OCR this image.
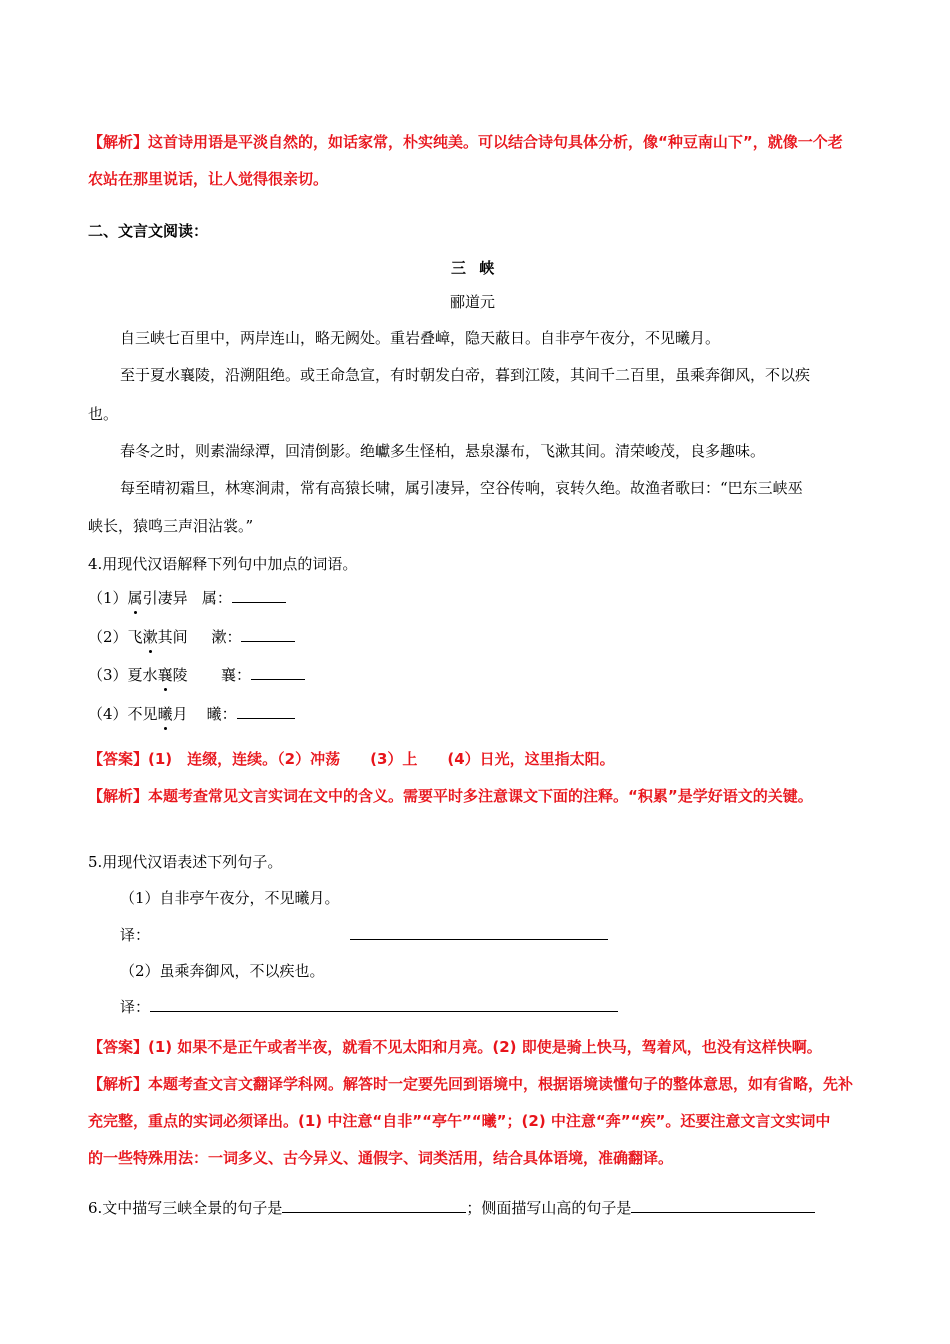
【解析】这首诗用语是平淡自然的，如话家常，朴实纯美。可以结合诗句具体分析，像“种豆南山下”，就像一个老
农站在那里说话，让人觉得很亲切。
二、文言文阅读：
三 峡
郦道元
自三峡七百里中，两岸连山，略无阙处。重岩叠嶂，隐天蔽日。自非亭午夜分，不见曦月。
至于夏水襄陵，沿溯阻绝。或王命急宣，有时朝发白帝，暮到江陵，其间千二百里，虽乘奔御风，不以疾
也。
春冬之时，则素湍绿潭，回清倒影。绝巘多生怪柏，悬泉瀑布，飞漱其间。清荣峻茂，良多趣味。
每至晴初霜旦，林寒涧肃，常有高猿长啸，属引凄异，空谷传响，哀转久绝。故渔者歌曰：“巴东三峡巫
峡长，猿鸣三声泪沾裳。”
4.用现代汉语解释下列句中加点的词语。
（1）属引凄异 属：
（2）飞漱其间 漱：
（3）夏水襄陵 襄：
（4）不见曦月 曦：
【答案】(1)　连缀，连续。（2）冲荡　　(3）上　　(4）日光，这里指太阳。
【解析】本题考查常见文言实词在文中的含义。需要平时多注意课文下面的注释。“积累”是学好语文的关键。
5.用现代汉语表述下列句子。
（1）自非亭午夜分，不见曦月。
译：
（2）虽乘奔御风，不以疾也。
译：
【答案】(1) 如果不是正午或者半夜，就看不见太阳和月亮。(2) 即使是骑上快马，驾着风，也没有这样快啊。
【解析】本题考查文言文翻译学科网。解答时一定要先回到语境中，根据语境读懂句子的整体意思，如有省略，先补
充完整，重点的实词必须译出。(1) 中注意“自非”“亭午”“曦”；(2) 中注意“奔”“疾”。还要注意文言文实词中
的一些特殊用法：一词多义、古今异义、通假字、词类活用，结合具体语境，准确翻译。
6.文中描写三峡全景的句子是	；侧面描写山高的句子是
